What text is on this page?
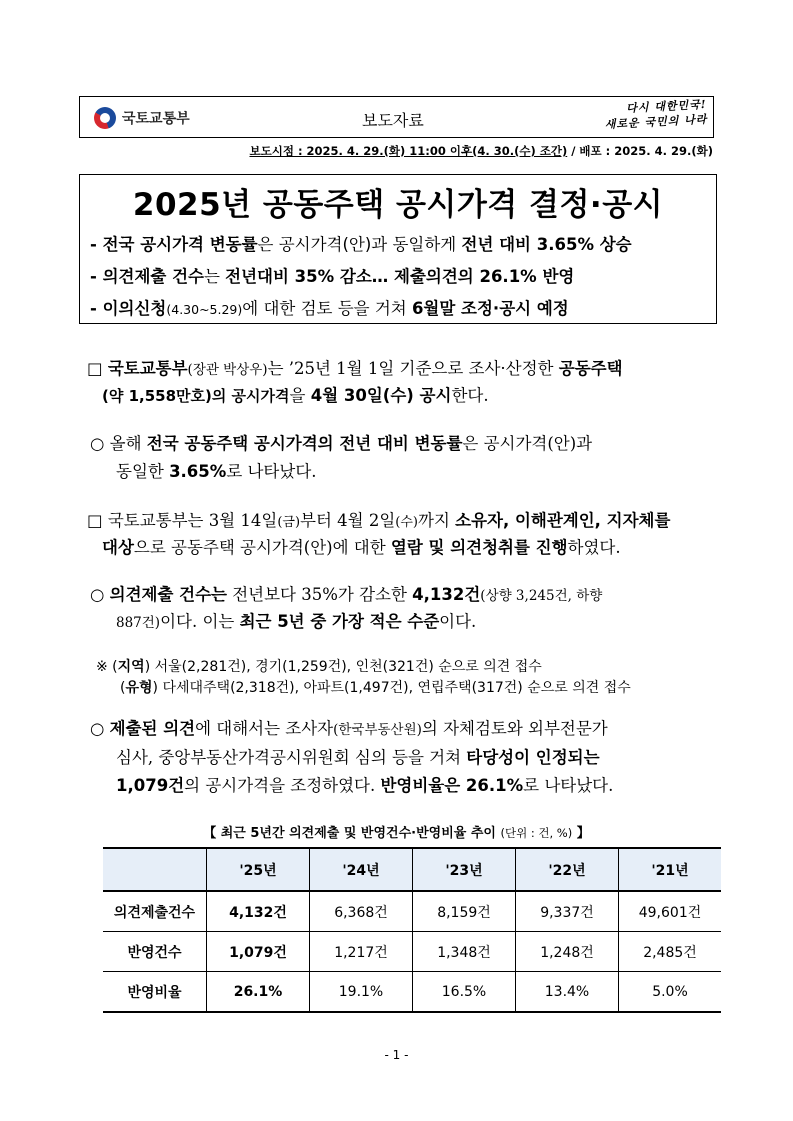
국토교통부	보도자료
다시 대한민국!
새로운 국민의 나라
보도시점 : 2025. 4. 29.(화) 11:00 이후(4. 30.(수) 조간) / 배포 : 2025. 4. 29.(화)
2025년 공동주택 공시가격 결정·공시
- 전국 공시가격 변동률은 공시가격(안)과 동일하게 전년 대비 3.65% 상승
- 의견제출 건수는 전년대비 35% 감소… 제출의견의 26.1% 반영
- 이의신청(4.30~5.29)에 대한 검토 등을 거쳐 6월말 조정·공시 예정
□ 국토교통부(장관 박상우)는 ’25년 1월 1일 기준으로 조사·산정한 공동주택
(약 1,558만호)의 공시가격을 4월 30일(수) 공시한다.
○ 올해 전국 공동주택 공시가격의 전년 대비 변동률은 공시가격(안)과
동일한 3.65%로 나타났다.
□ 국토교통부는 3월 14일(금)부터 4월 2일(수)까지 소유자, 이해관계인, 지자체를
대상으로 공동주택 공시가격(안)에 대한 열람 및 의견청취를 진행하였다.
○ 의견제출 건수는 전년보다 35%가 감소한 4,132건(상향 3,245건, 하향
887건)이다. 이는 최근 5년 중 가장 적은 수준이다.
※ (지역) 서울(2,281건), 경기(1,259건), 인천(321건) 순으로 의견 접수
(유형) 다세대주택(2,318건), 아파트(1,497건), 연립주택(317건) 순으로 의견 접수
○ 제출된 의견에 대해서는 조사자(한국부동산원)의 자체검토와 외부전문가
심사, 중앙부동산가격공시위원회 심의 등을 거쳐 타당성이 인정되는
1,079건의 공시가격을 조정하였다. 반영비율은 26.1%로 나타났다.
【 최근 5년간 의견제출 및 반영건수·반영비율 추이 (단위 : 건, %) 】
	'25년	'24년	'23년	'22년	'21년
의견제출건수	4,132건	6,368건	8,159건	9,337건	49,601건
반영건수	1,079건	1,217건	1,348건	1,248건	2,485건
반영비율	26.1%	19.1%	16.5%	13.4%	5.0%
- 1 -
